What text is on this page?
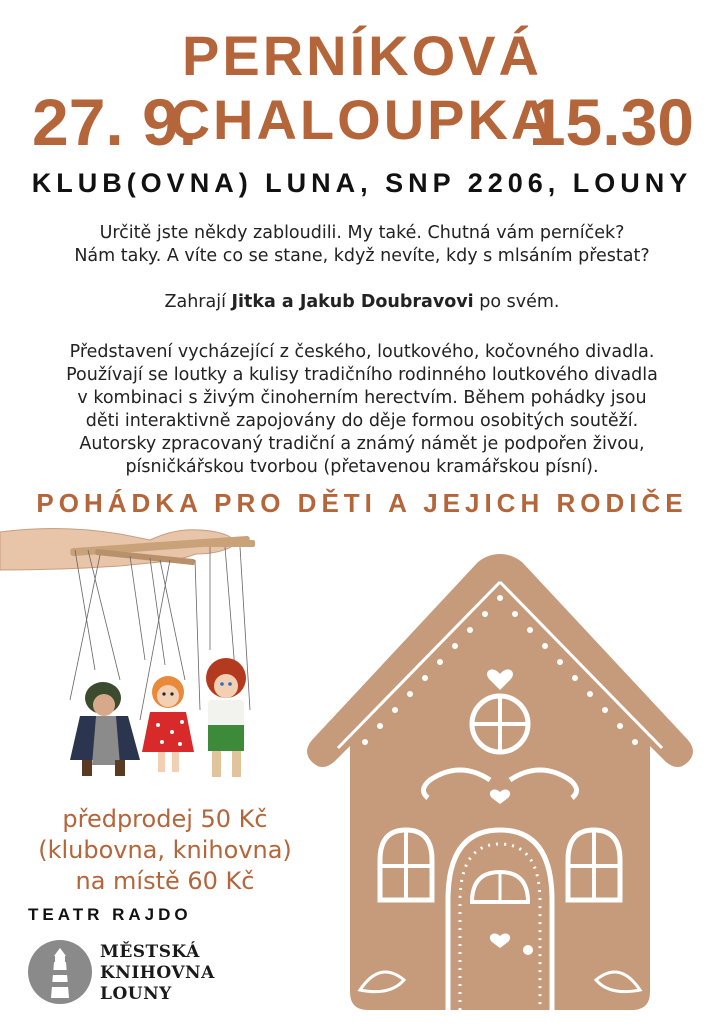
PERNÍKOVÁ CHALOUPKA
27. 9.	15.30
KLUB(OVNA) LUNA, SNP 2206, LOUNY
Určitě jste někdy zabloudili. My také. Chutná vám perníček?
Nám taky. A víte co se stane, když nevíte, kdy s mlsáním přestat?
Zahrají Jitka a Jakub Doubravovi po svém.
Představení vycházející z českého, loutkového, kočovného divadla.
Používají se loutky a kulisy tradičního rodinného loutkového divadla
v kombinaci s živým činoherním herectvím. Během pohádky jsou
děti interaktivně zapojovány do děje formou osobitých soutěží.
Autorsky zpracovaný tradiční a známý námět je podpořen živou,
písničkářskou tvorbou (přetavenou kramářskou písní).
POHÁDKA PRO DĚTI A JEJICH RODIČE
předprodej 50 Kč
(klubovna, knihovna)
na místě 60 Kč
TEATR RAJDO
MĚSTSKÁ
KNIHOVNA
LOUNY
